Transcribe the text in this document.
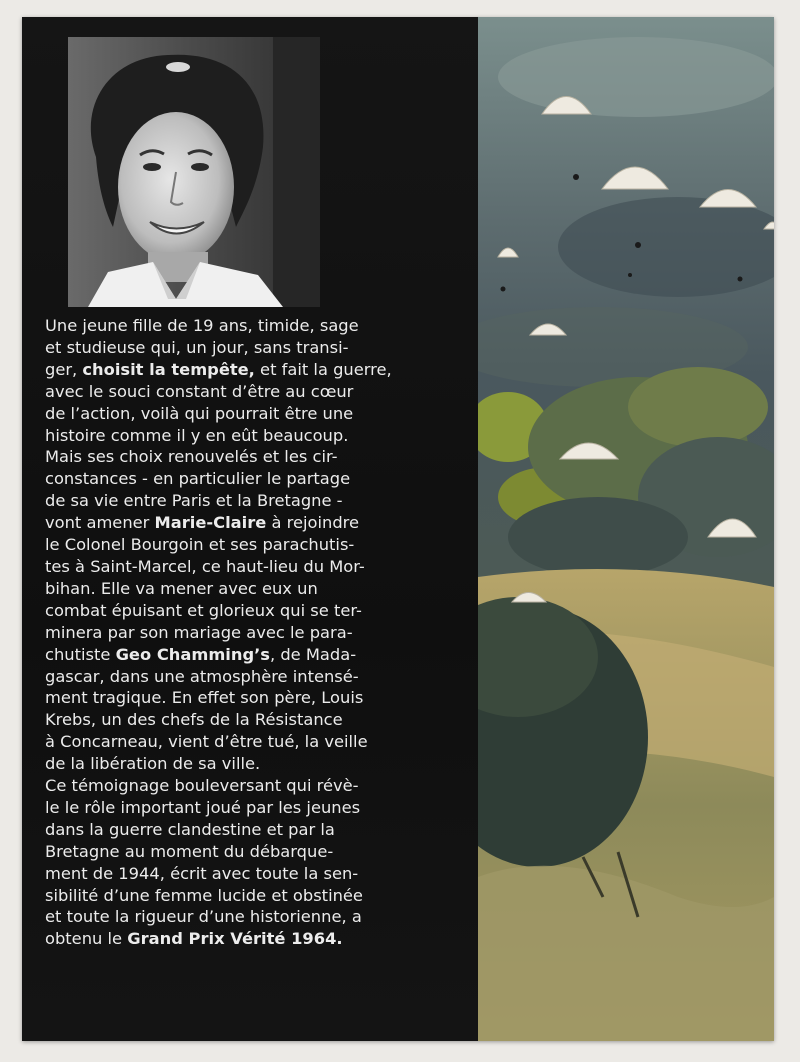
Une jeune fille de 19 ans, timide, sage
et studieuse qui, un jour, sans transi-
ger, choisit la tempête, et fait la guerre,
avec le souci constant d’être au cœur
de l’action, voilà qui pourrait être une
histoire comme il y en eût beaucoup.
Mais ses choix renouvelés et les cir-
constances - en particulier le partage
de sa vie entre Paris et la Bretagne -
vont amener Marie-Claire à rejoindre
le Colonel Bourgoin et ses parachutis-
tes à Saint-Marcel, ce haut-lieu du Mor-
bihan. Elle va mener avec eux un
combat épuisant et glorieux qui se ter-
minera par son mariage avec le para-
chutiste Geo Chamming’s, de Mada-
gascar, dans une atmosphère intensé-
ment tragique. En effet son père, Louis
Krebs, un des chefs de la Résistance
à Concarneau, vient d’être tué, la veille
de la libération de sa ville.
Ce témoignage bouleversant qui révè-
le le rôle important joué par les jeunes
dans la guerre clandestine et par la
Bretagne au moment du débarque-
ment de 1944, écrit avec toute la sen-
sibilité d’une femme lucide et obstinée
et toute la rigueur d’une historienne, a
obtenu le Grand Prix Vérité 1964.
